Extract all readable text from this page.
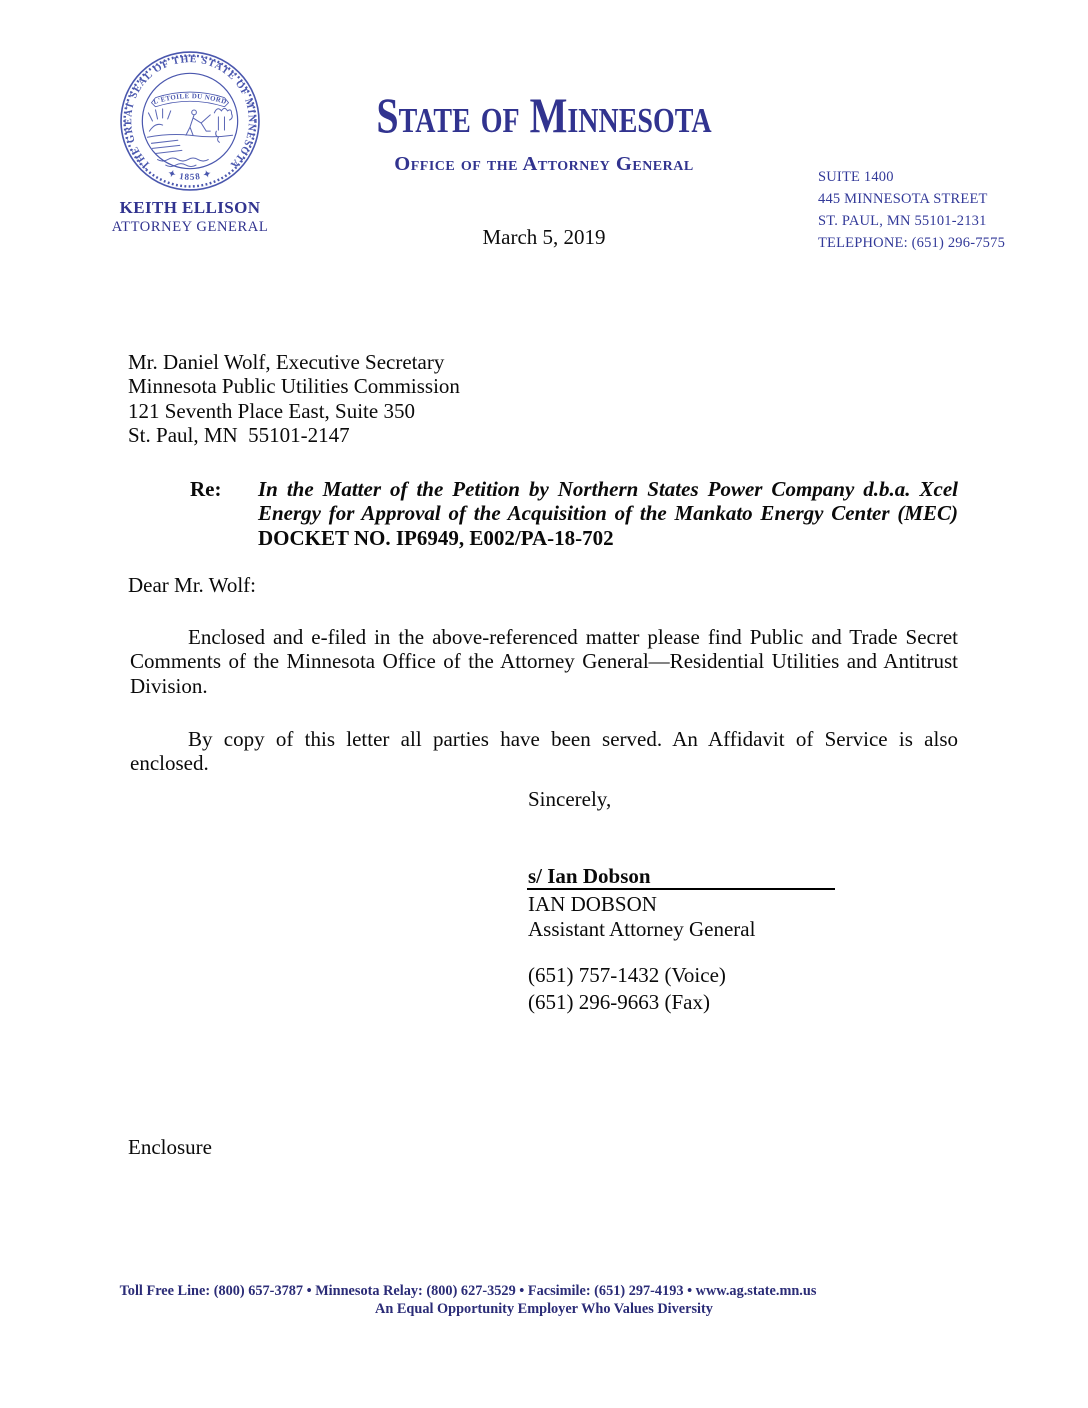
THE GREAT SEAL OF THE STATE OF MINNESOTA
✦ 1858 ✦
L'ETOILE DU NORD
KEITH ELLISON
ATTORNEY GENERAL
State of Minnesota
Office of the Attorney General
March 5, 2019
SUITE 1400
445 MINNESOTA STREET
ST. PAUL, MN 55101-2131
TELEPHONE: (651) 296-7575
Mr. Daniel Wolf, Executive Secretary
Minnesota Public Utilities Commission
121 Seventh Place East, Suite 350
St. Paul, MN  55101-2147
Re:	In the Matter of the Petition by Northern States Power Company d.b.a. Xcel
Energy for Approval of the Acquisition of the Mankato Energy Center (MEC)
DOCKET NO. IP6949, E002/PA-18-702
Dear Mr. Wolf:
Enclosed and e-filed in the above-referenced matter please find Public and Trade Secret
Comments of the Minnesota Office of the Attorney General—Residential Utilities and Antitrust
Division.
By copy of this letter all parties have been served. An Affidavit of Service is also
enclosed.
Sincerely,
s/ Ian Dobson
IAN DOBSON
Assistant Attorney General
(651) 757-1432 (Voice)
(651) 296-9663 (Fax)
Enclosure
Toll Free Line: (800) 657-3787 • Minnesota Relay: (800) 627-3529 • Facsimile: (651) 297-4193 • www.ag.state.mn.us
An Equal Opportunity Employer Who Values Diversity
